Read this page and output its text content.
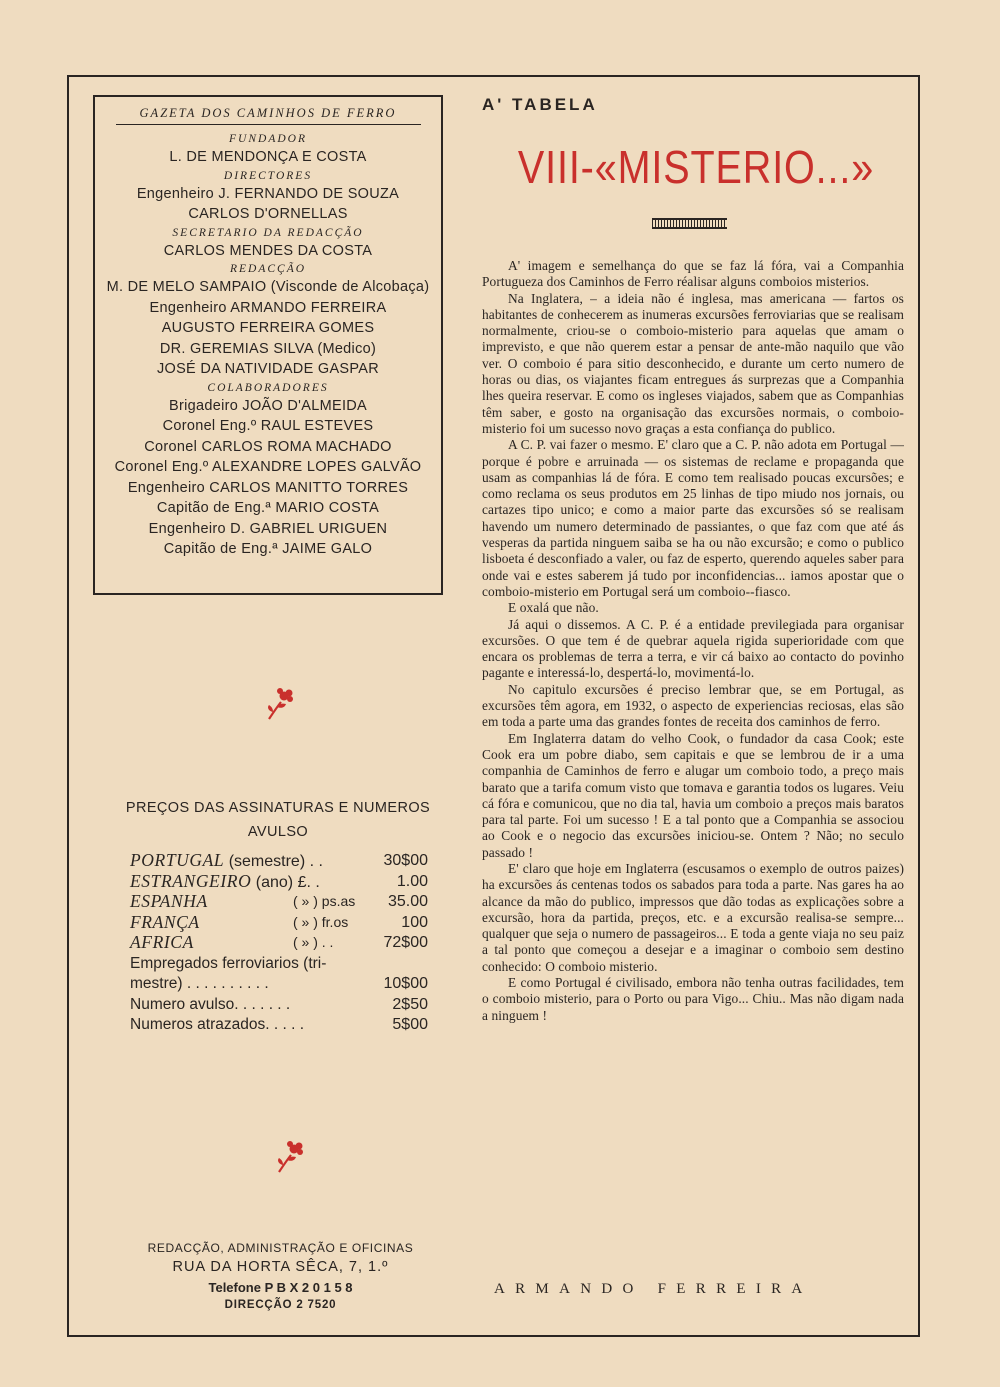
GAZETA DOS CAMINHOS DE FERRO
FUNDADOR
L. DE MENDONÇA E COSTA
DIRECTORES
Engenheiro J. FERNANDO DE SOUZA
CARLOS D'ORNELLAS
SECRETARIO DA REDACÇÃO
CARLOS MENDES DA COSTA
REDACÇÃO
M. DE MELO SAMPAIO (Visconde de Alcobaça)
Engenheiro ARMANDO FERREIRA
AUGUSTO FERREIRA GOMES
DR. GEREMIAS SILVA (Medico)
JOSÉ DA NATIVIDADE GASPAR
COLABORADORES
Brigadeiro JOÃO D'ALMEIDA
Coronel Eng.º RAUL ESTEVES
Coronel CARLOS ROMA MACHADO
Coronel Eng.º ALEXANDRE LOPES GALVÃO
Engenheiro CARLOS MANITTO TORRES
Capitão de Eng.ª MARIO COSTA
Engenheiro D. GABRIEL URIGUEN
Capitão de Eng.ª JAIME GALO
PREÇOS DAS ASSINATURAS E NUMEROS
AVULSO
PORTUGAL (semestre) . .	30$00
ESTRANGEIRO (ano) £. .	1.00
ESPANHA	( » ) ps.as 35.00
FRANÇA	( » ) fr.os	100
AFRICA	( » ) . .	72$00
Empregados ferroviarios (tri-
mestre) . . . . . . . . . .	10$00
Numero avulso. . . . . . .	2$50
Numeros atrazados. . . . .	5$00
REDACÇÃO, ADMINISTRAÇÃO E OFICINAS
RUA DA HORTA SÊCA, 7, 1.º
Telefone P B X 2 0 1 5 8
DIRECÇÃO 2 7520
A' TABELA
VIII-«MISTERIO...»

A' imagem e semelhança do que se faz lá fóra, vai a Companhia Portugueza dos Caminhos de Ferro réalisar alguns comboios misterios.

Na Inglatera, – a ideia não é inglesa, mas americana — fartos os habitantes de conhecerem as inumeras excursões ferroviarias que se realisam normalmente, criou-se o comboio-misterio para aquelas que amam o imprevisto, e que não querem estar a pensar de ante-mão naquilo que vão ver. O comboio é para sitio desconhecido, e durante um certo numero de horas ou dias, os viajantes ficam entregues ás surprezas que a Companhia lhes queira reservar. E como os ingleses viajados, sabem que as Companhias têm saber, e gosto na organisação das excursões normais, o comboio-misterio foi um sucesso novo graças a esta confiança do publico.

A C. P. vai fazer o mesmo. E' claro que a C. P. não adota em Portugal — porque é pobre e arruinada — os sistemas de reclame e propaganda que usam as companhias lá de fóra. E como tem realisado poucas excursões; e como reclama os seus produtos em 25 linhas de tipo miudo nos jornais, ou cartazes tipo unico; e como a maior parte das excursões só se realisam havendo um numero determinado de passiantes, o que faz com que até ás vesperas da partida ninguem saiba se ha ou não excursão; e como o publico lisboeta é desconfiado a valer, ou faz de esperto, querendo aqueles saber para onde vai e estes saberem já tudo por inconfidencias... iamos apostar que o comboio-misterio em Portugal será um comboio--fiasco.

E oxalá que não.

Já aqui o dissemos. A C. P. é a entidade previlegiada para organisar excursões. O que tem é de quebrar aquela rigida superioridade com que encara os problemas de terra a terra, e vir cá baixo ao contacto do povinho pagante e interessá-lo, despertá-lo, movimentá-lo.

No capitulo excursões é preciso lembrar que, se em Portugal, as excursões têm agora, em 1932, o aspecto de experiencias reciosas, elas são em toda a parte uma das grandes fontes de receita dos caminhos de ferro.

Em Inglaterra datam do velho Cook, o fundador da casa Cook; este Cook era um pobre diabo, sem capitais e que se lembrou de ir a uma companhia de Caminhos de ferro e alugar um comboio todo, a preço mais barato que a tarifa comum visto que tomava e garantia todos os lugares. Veiu cá fóra e comunicou, que no dia tal, havia um comboio a preços mais baratos para tal parte. Foi um sucesso ! E a tal ponto que a Companhia se associou ao Cook e o negocio das excursões iniciou-se. Ontem ? Não; no seculo passado !

E' claro que hoje em Inglaterra (escusamos o exemplo de outros paizes) ha excursões ás centenas todos os sabados para toda a parte. Nas gares ha ao alcance da mão do publico, impressos que dão todas as explicações sobre a excursão, hora da partida, preços, etc. e a excursão realisa-se sempre... qualquer que seja o numero de passageiros... E toda a gente viaja no seu paiz a tal ponto que começou a desejar e a imaginar o comboio sem destino conhecido: O comboio misterio.

E como Portugal é civilisado, embora não tenha outras facilidades, tem o comboio misterio, para o Porto ou para Vigo... Chiu.. Mas não digam nada a ninguem !

ARMANDO FERREIRA
